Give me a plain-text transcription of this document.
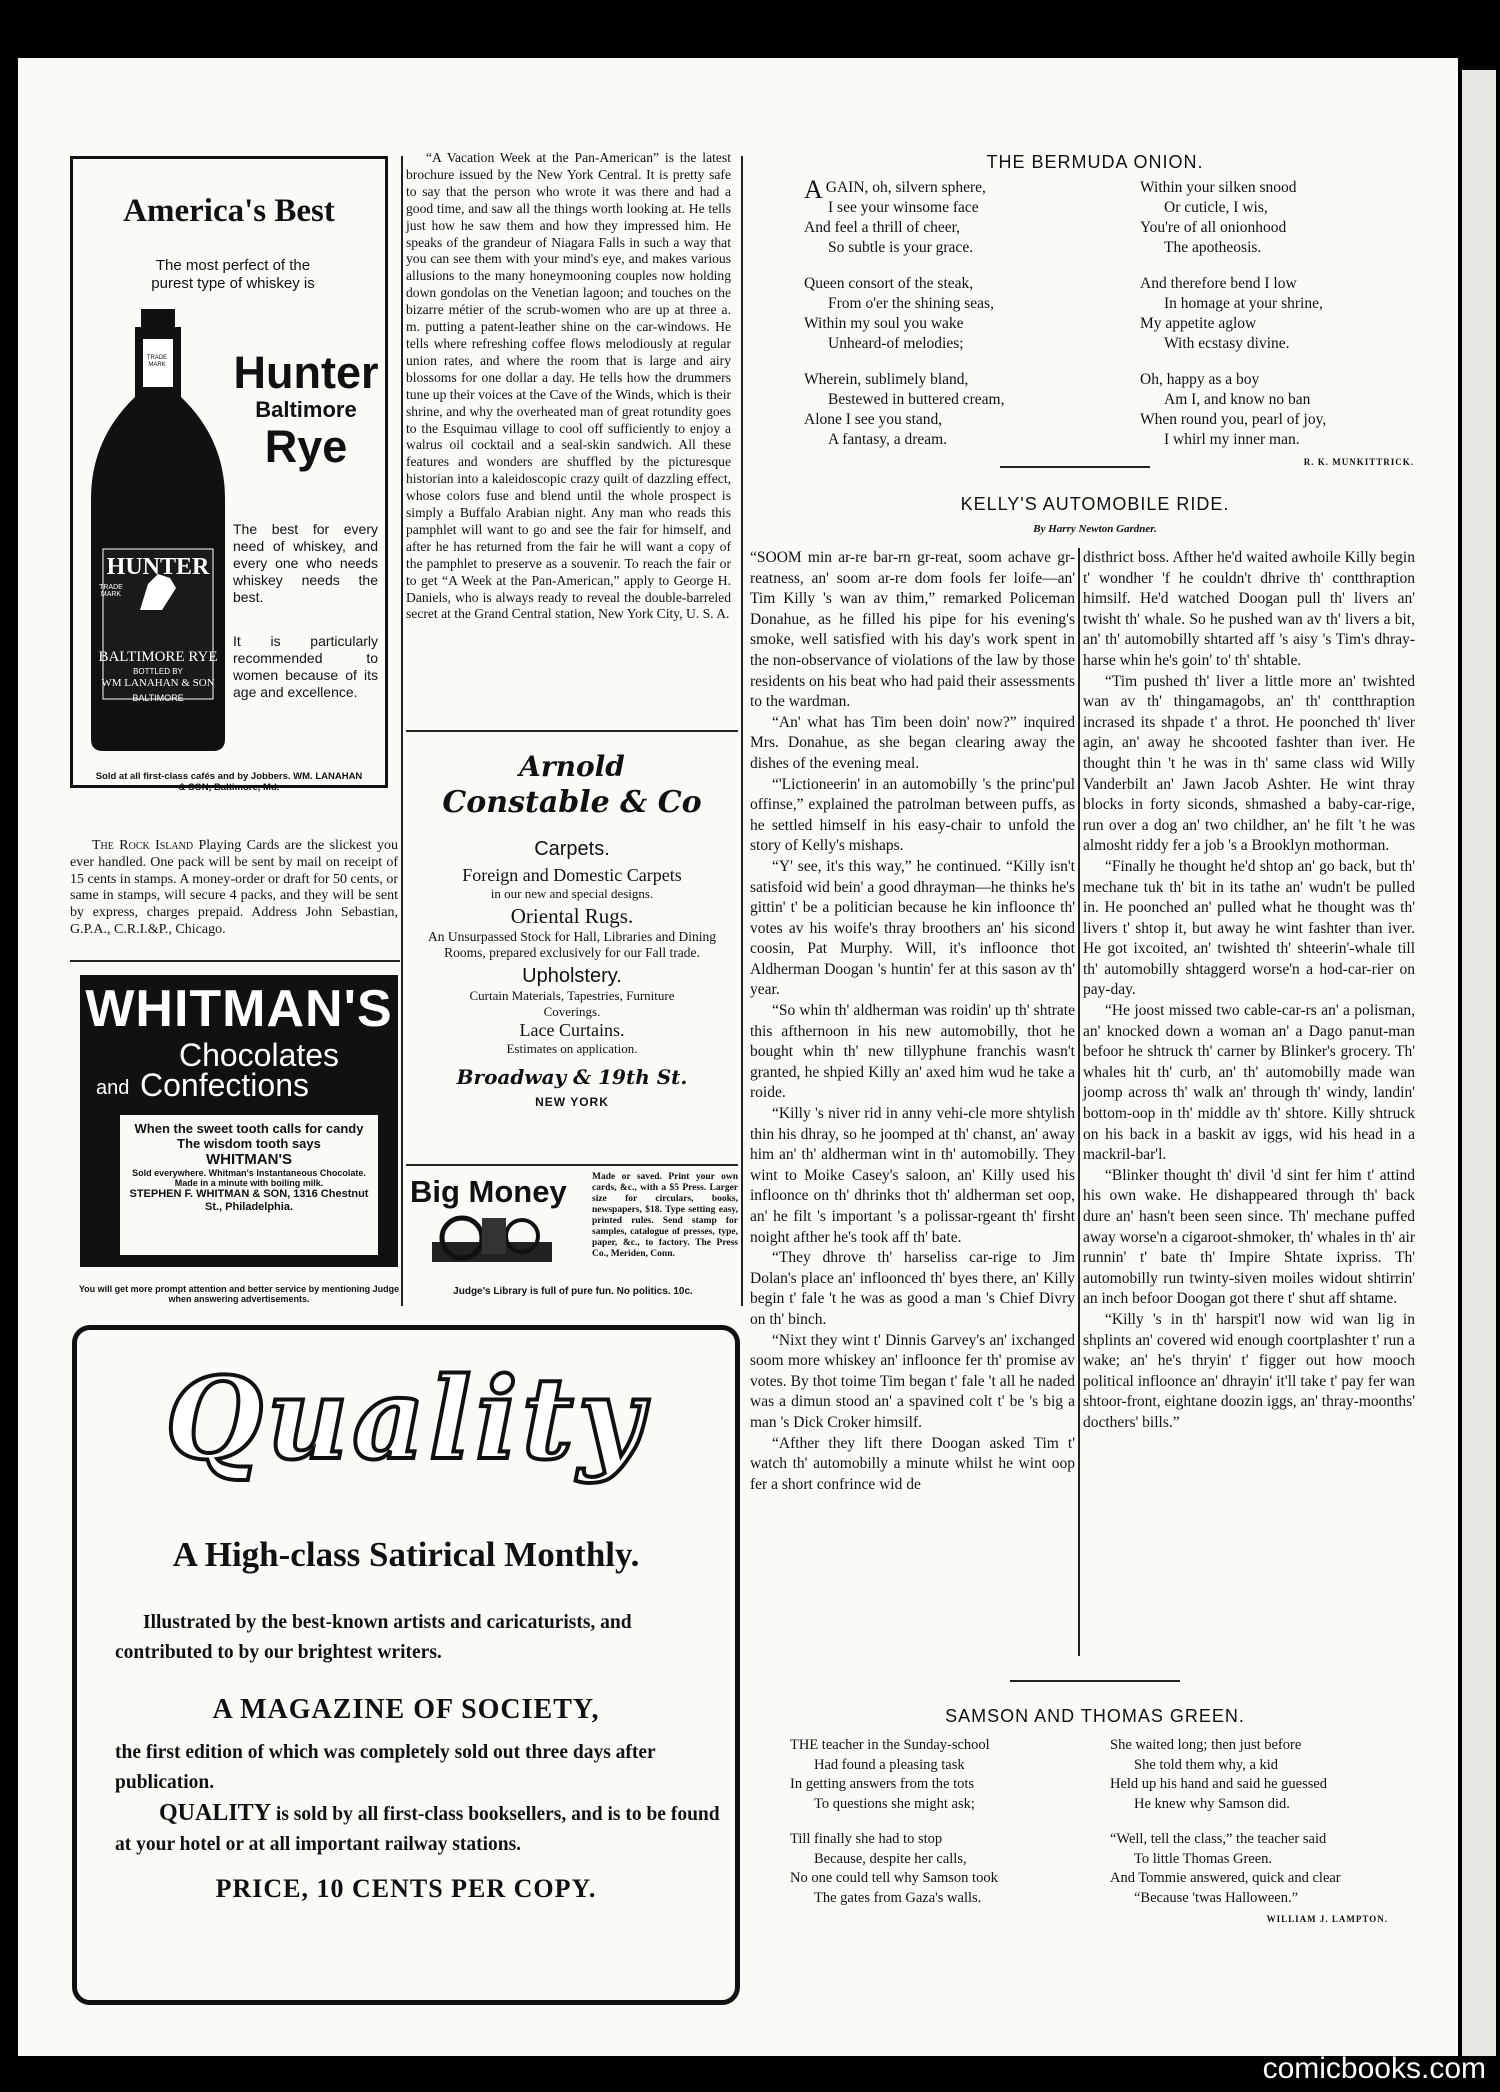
America's Best
The most perfect of the purest type of whiskey is
TRADE MARK
HUNTER
TRADE MARK
BALTIMORE RYE
BOTTLED BY
WM LANAHAN & SON
BALTIMORE
Hunter
Baltimore
Rye
The best for every need of whiskey, and every one who needs whiskey needs the best.
It is particularly recommended to women because of its age and excellence.
Sold at all first-class cafés and by Jobbers. WM. LANAHAN & SON, Baltimore, Md.
The Rock Island Playing Cards are the slickest you ever handled. One pack will be sent by mail on receipt of 15 cents in stamps. A money-order or draft for 50 cents, or same in stamps, will secure 4 packs, and they will be sent by express, charges prepaid. Address John Sebastian, G.P.A., C.R.I.&P., Chicago.
WHITMAN'S
Chocolates
and Confections
When the sweet tooth calls for candy The wisdom tooth says
WHITMAN'S
Sold everywhere. Whitman's Instantaneous Chocolate. Made in a minute with boiling milk.
STEPHEN F. WHITMAN & SON, 1316 Chestnut St., Philadelphia.
You will get more prompt attention and better service by mentioning Judge when answering advertisements.
“A Vacation Week at the Pan-American” is the latest brochure issued by the New York Central. It is pretty safe to say that the person who wrote it was there and had a good time, and saw all the things worth looking at. He tells just how he saw them and how they impressed him. He speaks of the grandeur of Niagara Falls in such a way that you can see them with your mind's eye, and makes various allusions to the many honeymooning couples now holding down gondolas on the Venetian lagoon; and touches on the bizarre métier of the scrub-women who are up at three a. m. putting a patent-leather shine on the car-windows. He tells where refreshing coffee flows melodiously at regular union rates, and where the room that is large and airy blossoms for one dollar a day. He tells how the drummers tune up their voices at the Cave of the Winds, which is their shrine, and why the overheated man of great rotundity goes to the Esquimau village to cool off sufficiently to enjoy a walrus oil cocktail and a seal-skin sandwich. All these features and wonders are shuffled by the picturesque historian into a kaleidoscopic crazy quilt of dazzling effect, whose colors fuse and blend until the whole prospect is simply a Buffalo Arabian night. Any man who reads this pamphlet will want to go and see the fair for himself, and after he has returned from the fair he will want a copy of the pamphlet to preserve as a souvenir. To reach the fair or to get “A Week at the Pan-American,” apply to George H. Daniels, who is always ready to reveal the double-barreled secret at the Grand Central station, New York City, U. S. A.
Arnold
Constable & Co
Carpets.
Foreign and Domestic Carpets
in our new and special designs.
Oriental Rugs.
An Unsurpassed Stock for Hall, Libraries and Dining Rooms, prepared exclusively for our Fall trade.
Upholstery.
Curtain Materials, Tapestries, Furniture Coverings.
Lace Curtains.
Estimates on application.
Broadway & 19th St.
NEW YORK
Big Money	Made or saved. Print your own cards, &c., with a $5 Press. Larger size for circulars, books, newspapers, $18. Type setting easy, printed rules. Send stamp for samples, catalogue of presses, type, paper, &c., to factory. The Press Co., Meriden, Conn.
Judge's Library is full of pure fun. No politics. 10c.
Quality
A High-class Satirical Monthly.
Illustrated by the best-known artists and caricaturists, and contributed to by our brightest writers.
A MAGAZINE OF SOCIETY,
the first edition of which was completely sold out three days after publication.
QUALITY is sold by all first-class booksellers, and is to be found at your hotel or at all important railway stations.
PRICE, 10 CENTS PER COPY.
THE BERMUDA ONION.
AGAIN, oh, silvern sphere,
I see your winsome face
And feel a thrill of cheer,
So subtle is your grace.
Queen consort of the steak,
From o'er the shining seas,
Within my soul you wake
Unheard-of melodies;
Wherein, sublimely bland,
Bestewed in buttered cream,
Alone I see you stand,
A fantasy, a dream.
Within your silken snood
Or cuticle, I wis,
You're of all onionhood
The apotheosis.
And therefore bend I low
In homage at your shrine,
My appetite aglow
With ecstasy divine.
Oh, happy as a boy
Am I, and know no ban
When round you, pearl of joy,
I whirl my inner man.
R. K. MUNKITTRICK.
KELLY'S AUTOMOBILE RIDE.
By Harry Newton Gardner.

“SOOM min ar-re bar-rn gr-reat, soom achave gr-reatness, an' soom ar-re dom fools fer loife—an' Tim Killy 's wan av thim,” remarked Policeman Donahue, as he filled his pipe for his evening's smoke, well satisfied with his day's work spent in the non-observance of violations of the law by those residents on his beat who had paid their assessments to the wardman.

“An' what has Tim been doin' now?” inquired Mrs. Donahue, as she began clearing away the dishes of the evening meal.

“'Lictioneerin' in an automobilly 's the princ'pul offinse,” explained the patrolman between puffs, as he settled himself in his easy-chair to unfold the story of Kelly's mishaps.

“Y' see, it's this way,” he continued. “Killy isn't satisfoid wid bein' a good dhrayman—he thinks he's gittin' t' be a politician because he kin infloonce th' votes av his woife's thray broothers an' his sicond coosin, Pat Murphy. Will, it's infloonce thot Aldherman Doogan 's huntin' fer at this sason av th' year.

“So whin th' aldherman was roidin' up th' shtrate this afthernoon in his new automobilly, thot he bought whin th' new tillyphune franchis wasn't granted, he shpied Killy an' axed him wud he take a roide.

“Killy 's niver rid in anny vehi-cle more shtylish thin his dhray, so he joomped at th' chanst, an' away him an' th' aldherman wint in th' automobilly. They wint to Moike Casey's saloon, an' Killy used his infloonce on th' dhrinks thot th' aldherman set oop, an' he filt 's important 's a polissar-rgeant th' firsht noight afther he's took aff th' bate.

“They dhrove th' harseliss car-rige to Jim Dolan's place an' infloonced th' byes there, an' Killy begin t' fale 't he was as good a man 's Chief Divry on th' binch.

“Nixt they wint t' Dinnis Garvey's an' ixchanged soom more whiskey an' infloonce fer th' promise av votes. By thot toime Tim began t' fale 't all he naded was a dimun stood an' a spavined colt t' be 's big a man 's Dick Croker himsilf.

“Afther they lift there Doogan asked Tim t' watch th' automobilly a minute whilst he wint oop fer a short confrince wid de

disthrict boss. Afther he'd waited awhoile Killy begin t' wondher 'f he couldn't dhrive th' contthraption himsilf. He'd watched Doogan pull th' livers an' twisht th' whale. So he pushed wan av th' livers a bit, an' th' automobilly shtarted aff 's aisy 's Tim's dhray-harse whin he's goin' to' th' shtable.

“Tim pushed th' liver a little more an' twishted wan av th' thingamagobs, an' th' contthraption incrased its shpade t' a throt. He poonched th' liver agin, an' away he shcooted fashter than iver. He thought thin 't he was in th' same class wid Willy Vanderbilt an' Jawn Jacob Ashter. He wint thray blocks in forty siconds, shmashed a baby-car-rige, run over a dog an' two childher, an' he filt 't he was almosht riddy fer a job 's a Brooklyn mothorman.

“Finally he thought he'd shtop an' go back, but th' mechane tuk th' bit in its tathe an' wudn't be pulled in. He poonched an' pulled what he thought was th' livers t' shtop it, but away he wint fashter than iver. He got ixcoited, an' twishted th' shteerin'-whale till th' automobilly shtaggerd worse'n a hod-car-rier on pay-day.

“He joost missed two cable-car-rs an' a polisman, an' knocked down a woman an' a Dago panut-man befoor he shtruck th' carner by Blinker's grocery. Th' whales hit th' curb, an' th' automobilly made wan joomp across th' walk an' through th' windy, landin' bottom-oop in th' middle av th' shtore. Killy shtruck on his back in a baskit av iggs, wid his head in a mackril-bar'l.

“Blinker thought th' divil 'd sint fer him t' attind his own wake. He dishappeared through th' back dure an' hasn't been seen since. Th' mechane puffed away worse'n a cigaroot-shmoker, th' whales in th' air runnin' t' bate th' Impire Shtate ixpriss. Th' automobilly run twinty-siven moiles widout shtirrin' an inch befoor Doogan got there t' shut aff shtame.

“Killy 's in th' harspit'l now wid wan lig in shplints an' covered wid enough coortplashter t' run a wake; an' he's thryin' t' figger out how mooch political infloonce an' dhrayin' it'll take t' pay fer wan shtoor-front, eightane doozin iggs, an' thray-moonths' docthers' bills.”

SAMSON AND THOMAS GREEN.
THE teacher in the Sunday-school
Had found a pleasing task
In getting answers from the tots
To questions she might ask;
Till finally she had to stop
Because, despite her calls,
No one could tell why Samson took
The gates from Gaza's walls.
She waited long; then just before
She told them why, a kid
Held up his hand and said he guessed
He knew why Samson did.
“Well, tell the class,” the teacher said
To little Thomas Green.
And Tommie answered, quick and clear
“Because 'twas Halloween.”
WILLIAM J. LAMPTON.
comicbooks.com
